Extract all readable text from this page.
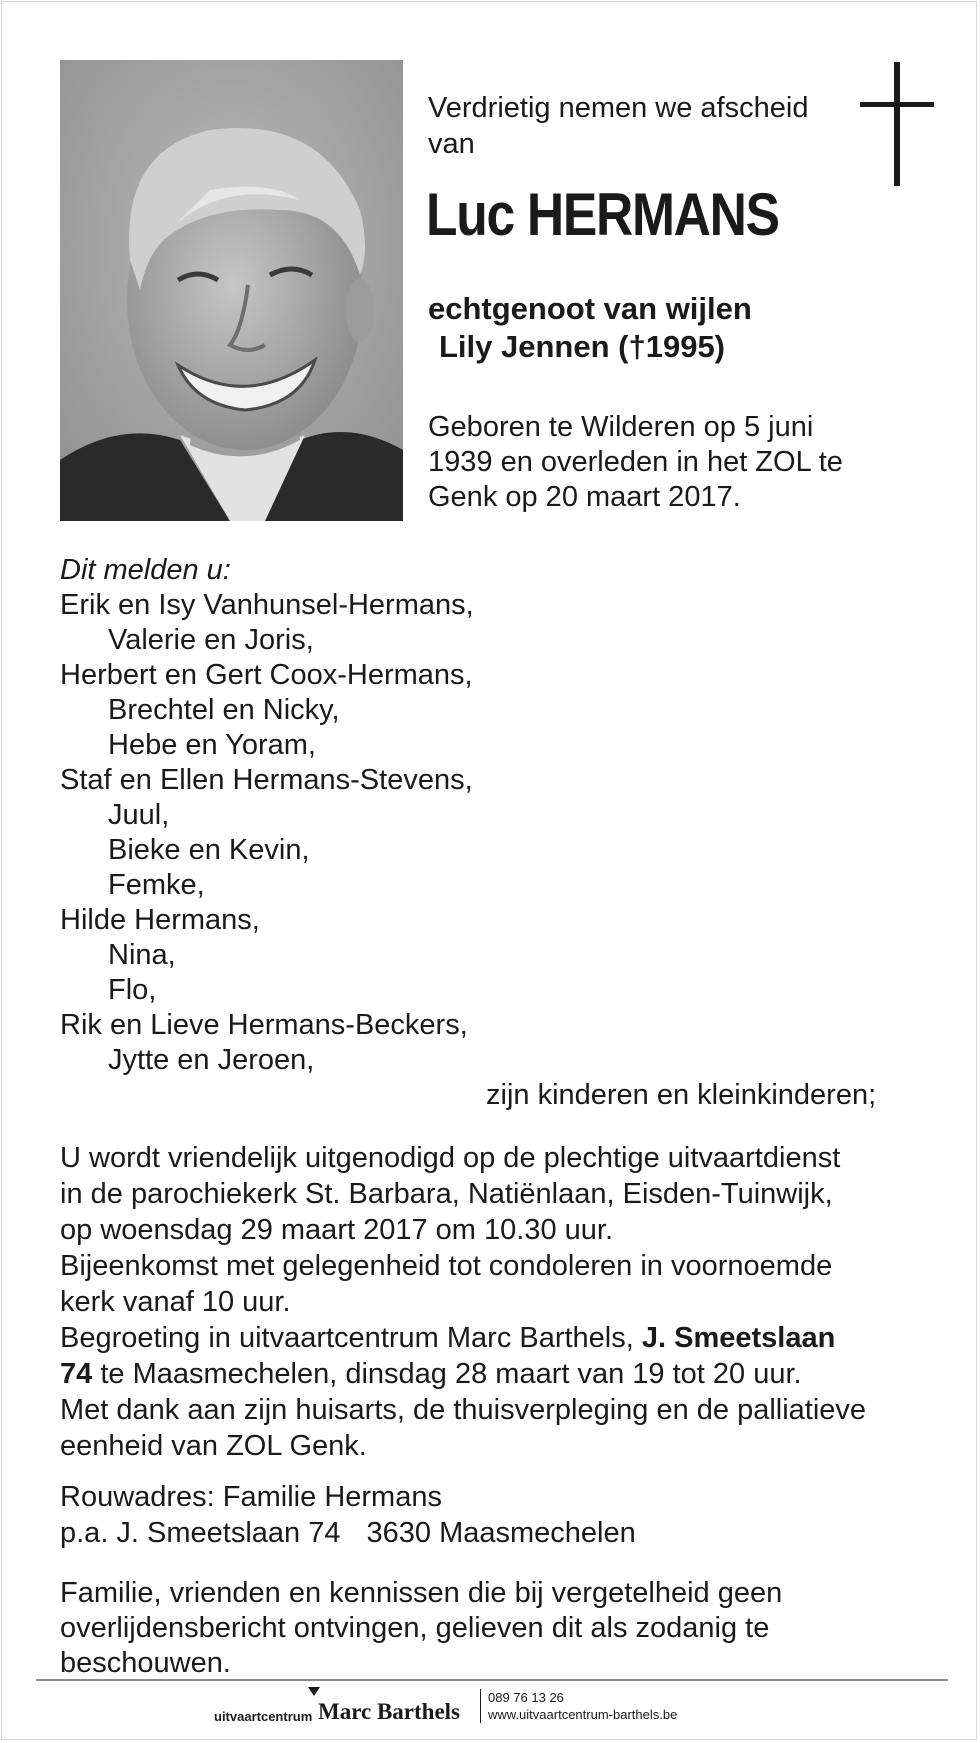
Verdrietig nemen we afscheid van
Luc HERMANS
echtgenoot van wijlen
Lily Jennen (†1995)
Geboren te Wilderen op 5 juni 1939 en overleden in het ZOL te Genk op 20 maart 2017.
Dit melden u:
Erik en Isy Vanhunsel-Hermans,
Valerie en Joris,
Herbert en Gert Coox-Hermans,
Brechtel en Nicky,
Hebe en Yoram,
Staf en Ellen Hermans-Stevens,
Juul,
Bieke en Kevin,
Femke,
Hilde Hermans,
Nina,
Flo,
Rik en Lieve Hermans-Beckers,
Jytte en Jeroen,
zijn kinderen en kleinkinderen;
U wordt vriendelijk uitgenodigd op de plechtige uitvaartdienst
in de parochiekerk St. Barbara, Natiënlaan, Eisden-Tuinwijk,
op woensdag 29 maart 2017 om 10.30 uur.
Bijeenkomst met gelegenheid tot condoleren in voornoemde
kerk vanaf 10 uur.
Begroeting in uitvaartcentrum Marc Barthels, J. Smeetslaan
74 te Maasmechelen, dinsdag 28 maart van 19 tot 20 uur.
Met dank aan zijn huisarts, de thuisverpleging en de palliatieve
eenheid van ZOL Genk.
Rouwadres: Familie Hermans
p.a. J. Smeetslaan 74 3630 Maasmechelen
Familie, vrienden en kennissen die bij vergetelheid geen overlijdensbericht ontvingen, gelieven dit als zodanig te beschouwen.
uitvaartcentrum Marc Barthels
089 76 13 26
www.uitvaartcentrum-barthels.be
